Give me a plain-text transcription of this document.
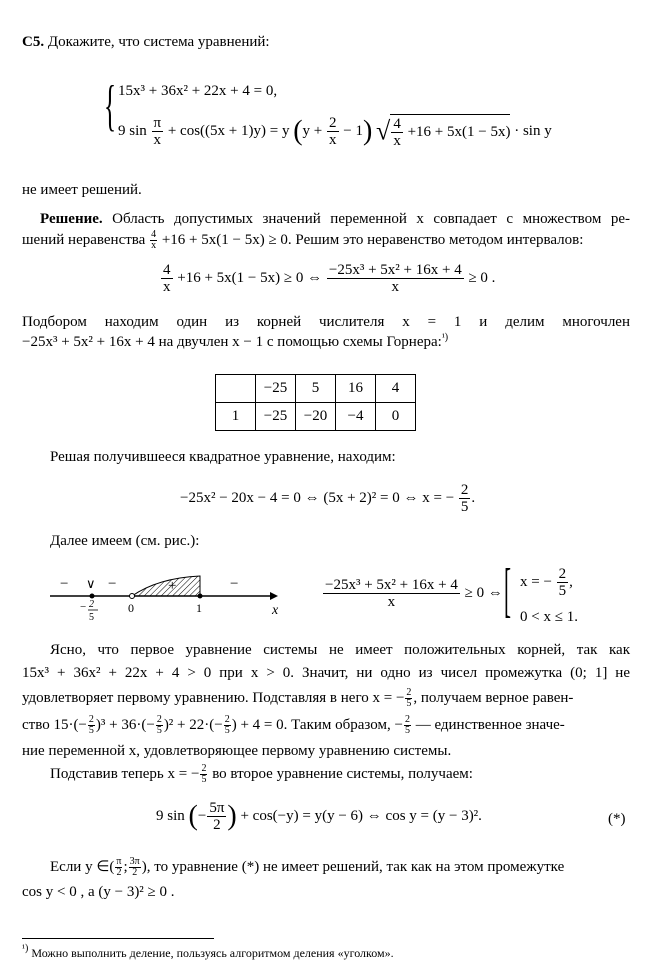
С5. Докажите, что система уравнений:
{ 15x³ + 36x² + 22x + 4 = 0,
9 $\sin \frac{\pi}{x} + \cos((5x + 1)y) = y$ $(y + \frac{2}{x} - 1)$ √ $\frac{4}{x} +16 + 5x(1 - 5x) \cdot \sin y$
не имеет решений.
Решение. Область допустимых значений переменной x совпадает с множеством ре-
шений неравенства $\frac{4}{x} +16 + 5x(1 - 5x) \ge 0$. Решим это неравенство методом интервалов:
$\frac{4}{x} +16 + 5x(1 - 5x) \ge 0$ ⇔ $\frac{\text{−25x³ + 5x² + 16x + 4}}{x} \ge 0$ .
Подбором находим один из корней числителя x = 1 и делим многочлен
−25x³ + 5x² + 16x + 4 на двучлен x − 1 с помощью схемы Горнера:$^{^1)}$
	−25	5	16	4
1	−25	−20	−4	0
Решая получившееся квадратное уравнение, находим:
−25x² − 20x − 4 = 0 ⇔ (5x + 2)² = 0 ⇔ x = − $\frac{2}{5}$ .
Далее имеем (см. рис.):
− ∨ −	+	−
− 2
5
0	1	x
$\frac{\text{−25x³ + 5x² + 16x + 4}}{x} \ge 0$ ⇔ [ x = − $\frac{2}{5}$ ,
0 < x ≤ 1.
Ясно, что первое уравнение системы не имеет положительных корней, так как
15x³ + 36x² + 22x + 4 > 0 при x > 0. Значит, ни одно из чисел промежутка (0; 1] не
удовлетворяет первому уравнению. Подставляя в него x = − $\frac{2}{5}$ , получаем верное равен-
ство $15\cdot(- \frac{2}{5} )^3 + 36\cdot(- \frac{2}{5} )^2 + 22\cdot(- \frac{2}{5}$ ) + 4 = 0. Таким образом, − $\frac{2}{5}$ — единственное значе-
ние переменной x, удовлетворяющее первому уравнению системы.
Подставив теперь x = − $\frac{2}{5}$ во второе уравнение системы, получаем:
9 sin (− $\frac{5\pi}{2}$ ) + cos(−y) = y(y − 6) ⇔ cos y = (y − 3)².	(*)
Если y ∈( $\frac{\pi}{2}$ ; $\frac{3\pi}{2}$ ), то уравнение (*) не имеет решений, так как на этом промежутке
cos y < 0 , а (y − 3)² ≥ 0 .
$^{^1)}$ Можно выполнить деление, пользуясь алгоритмом деления «уголком».
